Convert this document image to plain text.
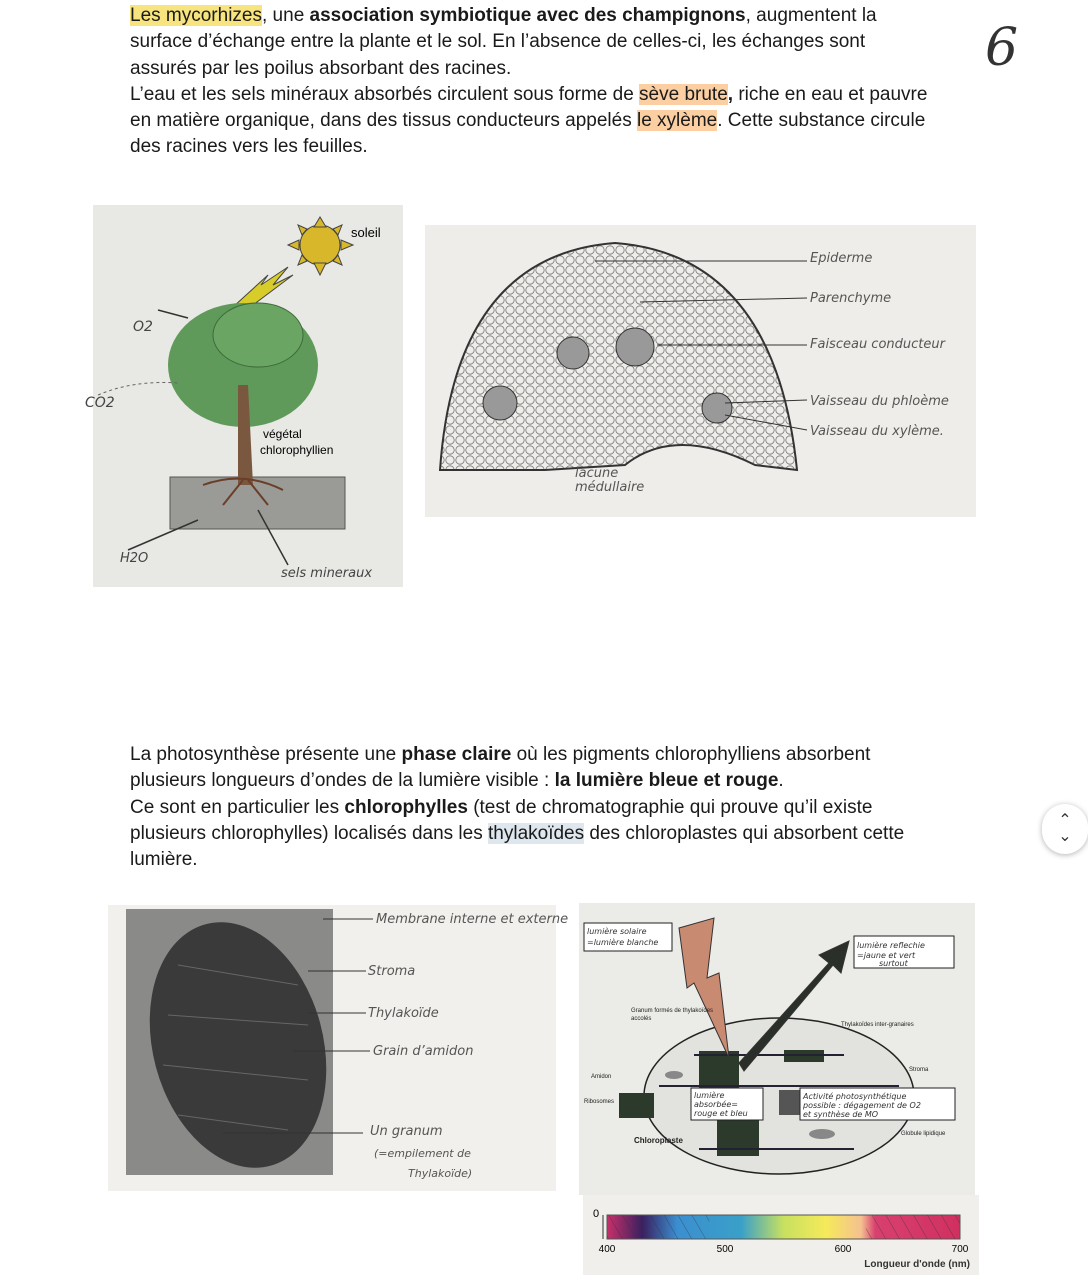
6
Les mycorhizes, une association symbiotique avec des champignons, augmentent la surface d’échange entre la plante et le sol. En l’absence de celles-ci, les échanges sont assurés par les poilus absorbant des racines.
L’eau et les sels minéraux absorbés circulent sous forme de sève brute, riche en eau et pauvre en matière organique, dans des tissus conducteurs appelés le xylème. Cette substance circule des racines vers les feuilles.
soleil
O2
CO2
végétal
chlorophyllien
H2O
sels mineraux
Epiderme
Parenchyme
Faisceau conducteur
Vaisseau du phloème
Vaisseau du xylème.
lacune
médullaire
La photosynthèse présente une phase claire où les pigments chlorophylliens absorbent plusieurs longueurs d’ondes de la lumière visible : la lumière bleue et rouge.
Ce sont en particulier les chlorophylles (test de chromatographie qui prouve qu’il existe plusieurs chlorophylles) localisés dans les thylakoïdes des chloroplastes qui absorbent cette lumière.
Membrane interne et externe
Stroma
Thylakoïde
Grain d’amidon
Un granum
(=empilement de
Thylakoïde)
lumière solaire
=lumière blanche	lumière reflechie
=jaune et vert
surtout
lumière
absorbée=
rouge et bleu
Activité photosynthétique
possible : dégagement de O2
et synthèse de MO
Granum formés de thylakoïdes
accolés
Thylakoïdes inter-granaires
Stroma
Amidon
Ribosomes
Globule lipidique
Chloroplaste
0
400	500	600	700
Longueur d'onde (nm)
⌃
⌄
